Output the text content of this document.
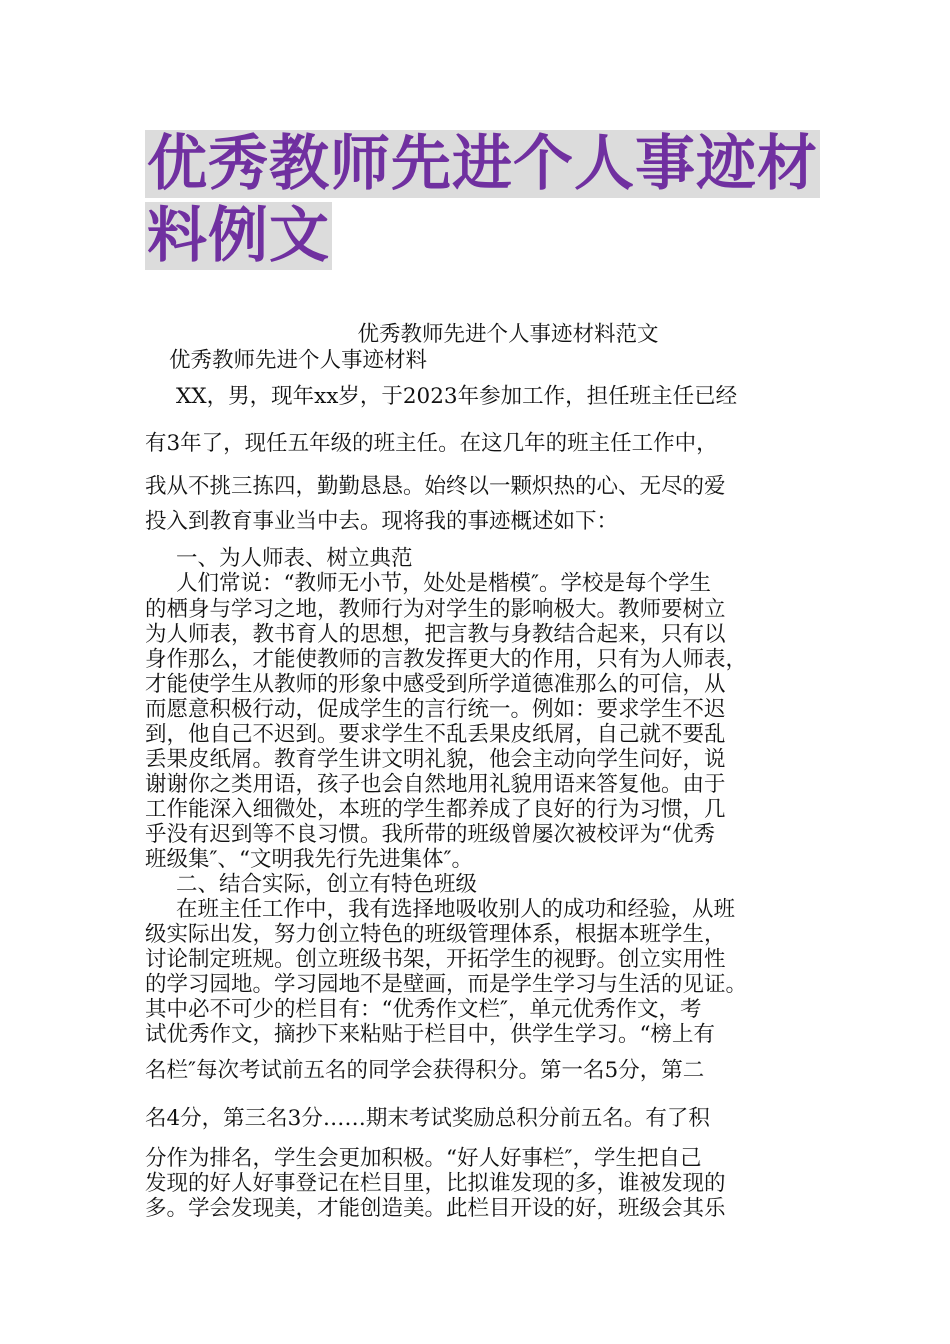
优秀教师先进个人事迹材
料例文
优秀教师先进个人事迹材料范文
优秀教师先进个人事迹材料
XX，男，现年xx岁，于2023年参加工作，担任班主任已经
有3年了，现任五年级的班主任。在这几年的班主任工作中，
我从不挑三拣四，勤勤恳恳。始终以一颗炽热的心、无尽的爱
投入到教育事业当中去。现将我的事迹概述如下：
一、为人师表、树立典范
人们常说：“教师无小节，处处是楷模″。学校是每个学生
的栖身与学习之地，教师行为对学生的影响极大。教师要树立
为人师表，教书育人的思想，把言教与身教结合起来，只有以
身作那么，才能使教师的言教发挥更大的作用，只有为人师表，
才能使学生从教师的形象中感受到所学道德准那么的可信，从
而愿意积极行动，促成学生的言行统一。例如：要求学生不迟
到，他自己不迟到。要求学生不乱丢果皮纸屑，自己就不要乱
丢果皮纸屑。教育学生讲文明礼貌，他会主动向学生问好，说
谢谢你之类用语，孩子也会自然地用礼貌用语来答复他。由于
工作能深入细微处，本班的学生都养成了良好的行为习惯，几
乎没有迟到等不良习惯。我所带的班级曾屡次被校评为“优秀
班级集″、“文明我先行先进集体″。
二、结合实际，创立有特色班级
在班主任工作中，我有选择地吸收别人的成功和经验，从班
级实际出发，努力创立特色的班级管理体系，根据本班学生，
讨论制定班规。创立班级书架，开拓学生的视野。创立实用性
的学习园地。学习园地不是壁画，而是学生学习与生活的见证。
其中必不可少的栏目有：“优秀作文栏″，单元优秀作文，考
试优秀作文，摘抄下来粘贴于栏目中，供学生学习。“榜上有
名栏″每次考试前五名的同学会获得积分。第一名5分，第二
名4分，第三名3分……期末考试奖励总积分前五名。有了积
分作为排名，学生会更加积极。“好人好事栏″，学生把自己
发现的好人好事登记在栏目里，比拟谁发现的多，谁被发现的
多。学会发现美，才能创造美。此栏目开设的好，班级会其乐
